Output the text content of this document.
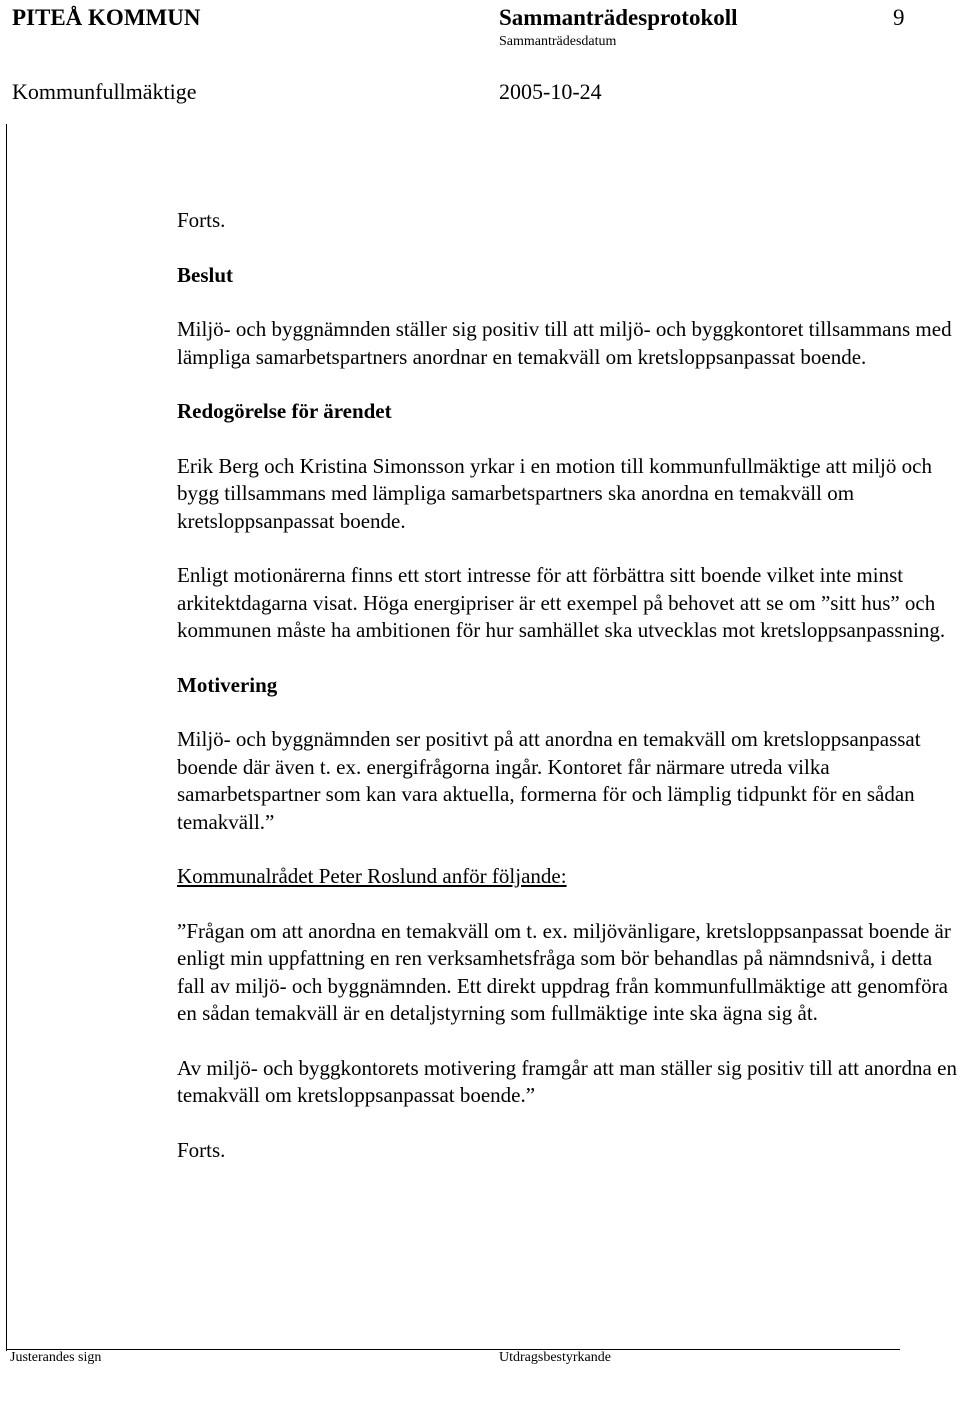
PITEÅ KOMMUN	Sammanträdesprotokoll	9
Sammanträdesdatum
Kommunfullmäktige	2005-10-24

Forts.

Beslut

Miljö- och byggnämnden ställer sig positiv till att miljö- och byggkontoret tillsammans med lämpliga samarbetspartners anordnar en temakväll om kretsloppsanpassat boende.

Redogörelse för ärendet

Erik Berg och Kristina Simonsson yrkar i en motion till kommunfullmäktige att miljö och bygg tillsammans med lämpliga samarbetspartners ska anordna en temakväll om kretsloppsanpassat boende.

Enligt motionärerna finns ett stort intresse för att förbättra sitt boende vilket inte minst arkitektdagarna visat. Höga energipriser är ett exempel på behovet att se om ”sitt hus” och kommunen måste ha ambitionen för hur samhället ska utvecklas mot kretsloppsanpassning.

Motivering

Miljö- och byggnämnden ser positivt på att anordna en temakväll om kretsloppsanpassat boende där även t. ex. energifrågorna ingår. Kontoret får närmare utreda vilka samarbetspartner som kan vara aktuella, formerna för och lämplig tidpunkt för en sådan temakväll.”

Kommunalrådet Peter Roslund anför följande:

”Frågan om att anordna en temakväll om t. ex. miljövänligare, kretsloppsanpassat boende är enligt min uppfattning en ren verksamhetsfråga som bör behandlas på nämndsnivå, i detta fall av miljö- och byggnämnden. Ett direkt uppdrag från kommunfullmäktige att genomföra en sådan temakväll är en detaljstyrning som fullmäktige inte ska ägna sig åt.

Av miljö- och byggkontorets motivering framgår att man ställer sig positiv till att anordna en temakväll om kretsloppsanpassat boende.”

Forts.

Justerandes sign	Utdragsbestyrkande
